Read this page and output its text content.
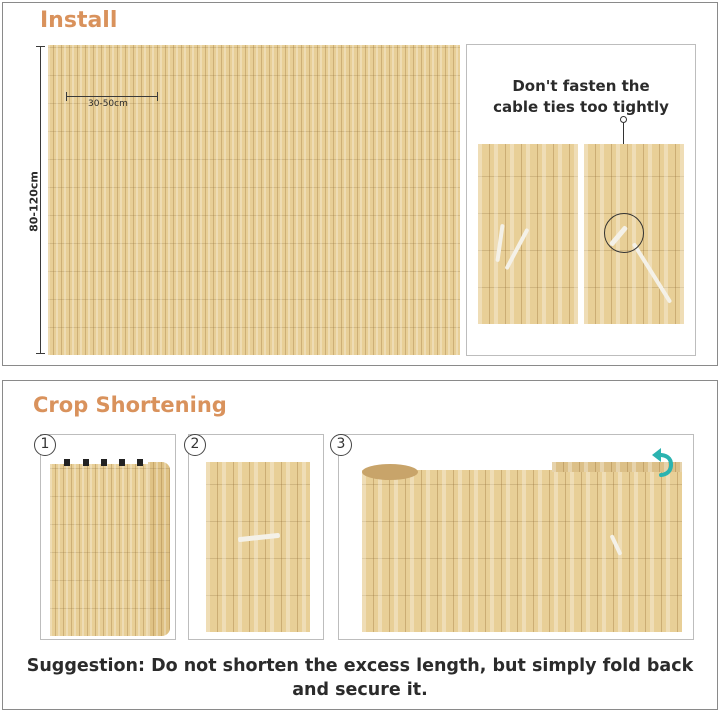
Install
80-120cm
30-50cm
Don't fasten the
cable ties too tightly
Crop Shortening
1	2	3
Suggestion: Do not shorten the excess length, but simply fold back
and secure it.
